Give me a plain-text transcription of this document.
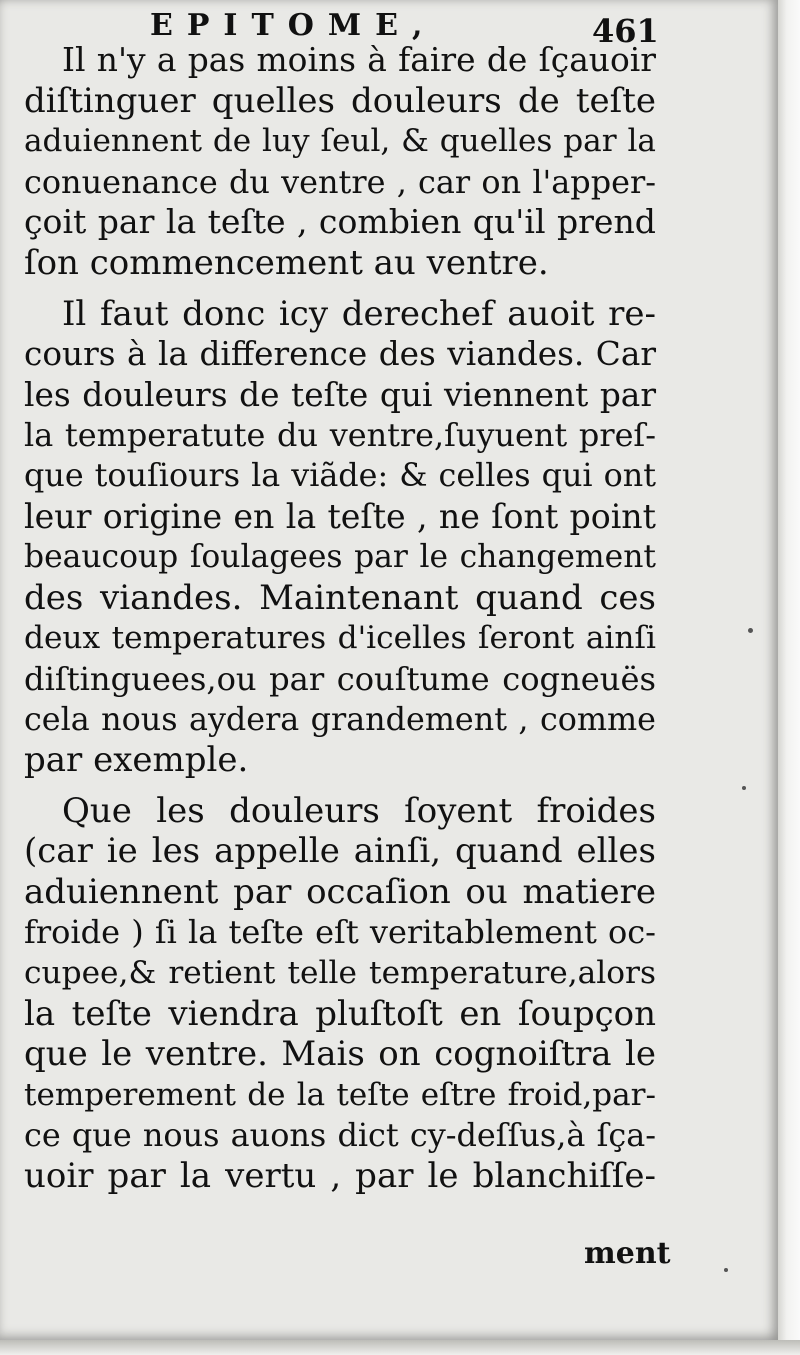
EPITOME,	461

Il n'y a pas moins à faire de ſçauoir
diſtinguer quelles douleurs de teſte
aduiennent de luy ſeul, & quelles par la
conuenance du ventre , car on l'apper-
çoit par la teſte , combien qu'il prend
ſon commencement au ventre.

Il faut donc icy derechef auoit re-
cours à la difference des viandes. Car
les douleurs de teſte qui viennent par
la temperatute du ventre,ſuyuent preſ-
que touſiours la viãde: & celles qui ont
leur origine en la teſte , ne ſont point
beaucoup ſoulagees par le changement
des viandes. Maintenant quand ces
deux temperatures d'icelles ſeront ainſi
diſtinguees,ou par couſtume cogneuës
cela nous aydera grandement , comme
par exemple.

Que les douleurs ſoyent froides
(car ie les appelle ainſi, quand elles
aduiennent par occaſion ou matiere
froide ) ſi la teſte eſt veritablement oc-
cupee,& retient telle temperature,alors
la teſte viendra pluſtoſt en ſoupçon
que le ventre. Mais on cognoiſtra le
temperement de la teſte eſtre froid,par-
ce que nous auons dict cy-deſſus,à ſça-
uoir par la vertu , par le blanchiſſe-

ment
